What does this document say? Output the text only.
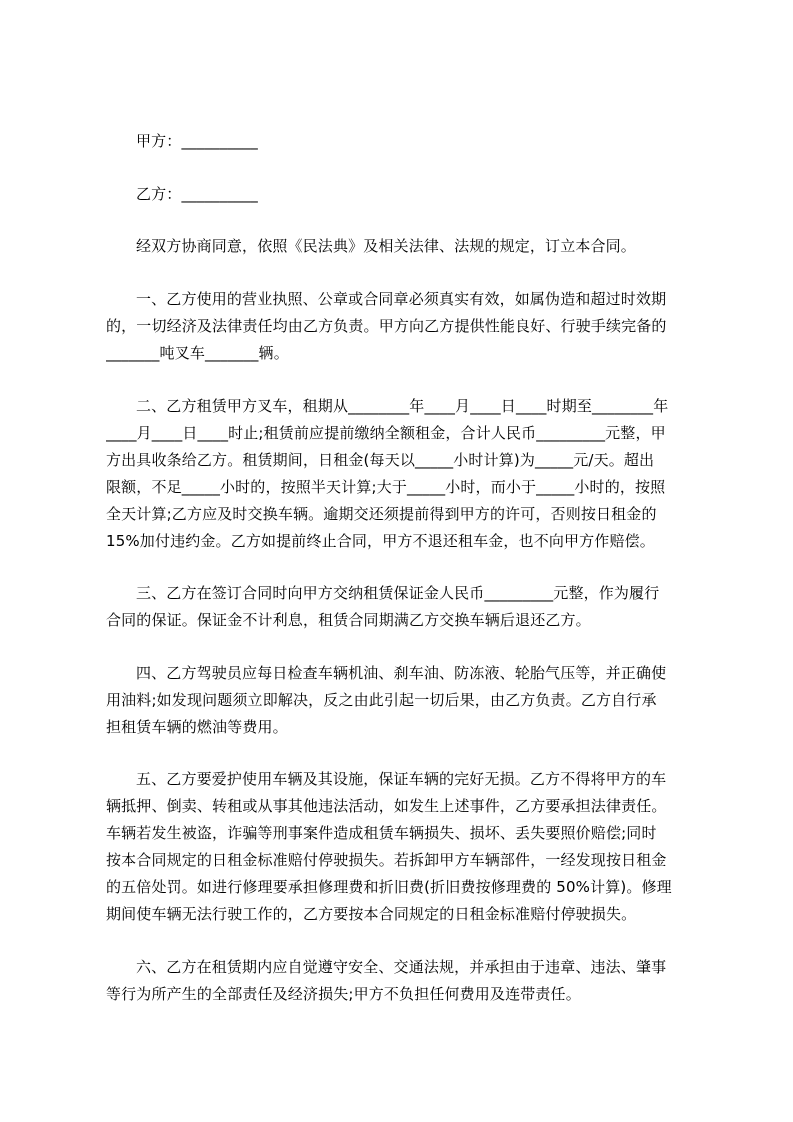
甲方：__________
乙方：__________
经双方协商同意，依照《民法典》及相关法律、法规的规定，订立本合同。
一、乙方使用的营业执照、公章或合同章必须真实有效，如属伪造和超过时效期
的，一切经济及法律责任均由乙方负责。甲方向乙方提供性能良好、行驶手续完备的
_______吨叉车_______辆。
二、乙方租赁甲方叉车，租期从________年____月____日____时期至________年
____月____日____时止;租赁前应提前缴纳全额租金，合计人民币_________元整，甲
方出具收条给乙方。租赁期间，日租金(每天以_____小时计算)为_____元/天。超出
限额，不足_____小时的，按照半天计算;大于_____小时，而小于_____小时的，按照
全天计算;乙方应及时交换车辆。逾期交还须提前得到甲方的许可，否则按日租金的
15%加付违约金。乙方如提前终止合同，甲方不退还租车金，也不向甲方作赔偿。
三、乙方在签订合同时向甲方交纳租赁保证金人民币_________元整，作为履行
合同的保证。保证金不计利息，租赁合同期满乙方交换车辆后退还乙方。
四、乙方驾驶员应每日检查车辆机油、刹车油、防冻液、轮胎气压等，并正确使
用油料;如发现问题须立即解决，反之由此引起一切后果，由乙方负责。乙方自行承
担租赁车辆的燃油等费用。
五、乙方要爱护使用车辆及其设施，保证车辆的完好无损。乙方不得将甲方的车
辆抵押、倒卖、转租或从事其他违法活动，如发生上述事件，乙方要承担法律责任。
车辆若发生被盗，诈骗等刑事案件造成租赁车辆损失、损坏、丢失要照价赔偿;同时
按本合同规定的日租金标准赔付停驶损失。若拆卸甲方车辆部件，一经发现按日租金
的五倍处罚。如进行修理要承担修理费和折旧费(折旧费按修理费的 50%计算)。修理
期间使车辆无法行驶工作的，乙方要按本合同规定的日租金标准赔付停驶损失。
六、乙方在租赁期内应自觉遵守安全、交通法规，并承担由于违章、违法、肇事
等行为所产生的全部责任及经济损失;甲方不负担任何费用及连带责任。
